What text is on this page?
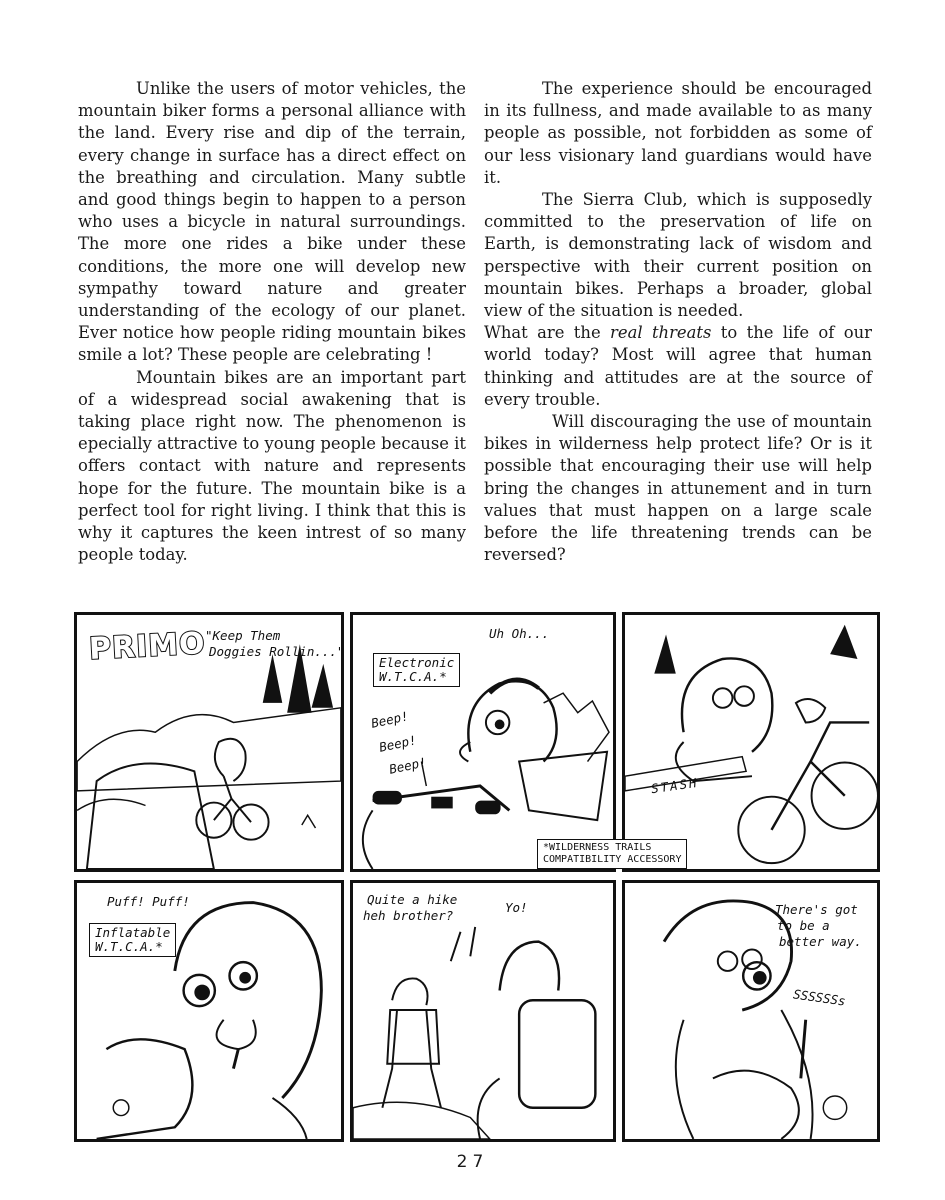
Unlike the users of motor vehicles, the mountain biker forms a personal alliance with the land. Every rise and dip of the terrain, every change in surface has a direct effect on the breathing and circulation. Many subtle and good things begin to happen to a person who uses a bicycle in natural surroundings. The more one rides a bike under these conditions, the more one will develop new sympathy toward nature and greater understanding of the ecology of our planet. Ever notice how people riding mountain bikes smile a lot? These people are celebrating !

Mountain bikes are an important part of a widespread social awakening that is taking place right now. The phenomenon is epecially attractive to young people because it offers contact with nature and represents hope for the future. The mountain bike is a perfect tool for right living. I think that this is why it captures the keen intrest of so many people today.

The experience should be encouraged in its fullness, and made available to as many people as possible, not forbidden as some of our less visionary land guardians would have it.

The Sierra Club, which is supposedly committed to the preservation of life on Earth, is demonstrating lack of wisdom and perspective with their current position on mountain bikes. Perhaps a broader, global view of the situation is needed.

What are the real threats to the life of our world today? Most will agree that human thinking and attitudes are at the source of every trouble.

Will discouraging the use of mountain bikes in wilderness help protect life? Or is it possible that encouraging their use will help bring the changes in attunement and in turn values that must happen on a large scale before the life threatening trends can be reversed?

PRIMO
"Keep Them
Doggies Rollin..."
Uh Oh...
Electronic
W.T.C.A.*
Beep!
Beep!
Beep!
STASH
*WILDERNESS TRAILS
COMPATIBILITY ACCESSORY
Puff! Puff!
Inflatable
W.T.C.A.*
Quite a hike
heh brother?
Yo!	There's got
to be a
better way.
SSSSSSs
27
